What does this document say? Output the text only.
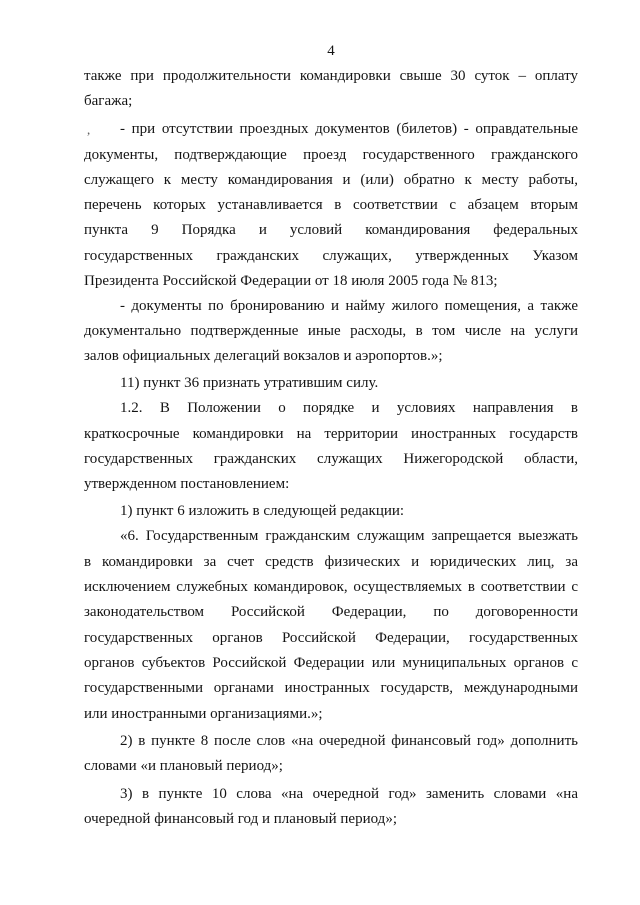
4
,
также при продолжительности командировки свыше 30 суток – оплату
багажа;
- при отсутствии проездных документов (билетов) - оправдательные
документы, подтверждающие проезд государственного гражданского
служащего к месту командирования и (или) обратно к месту работы,
перечень которых устанавливается в соответствии с абзацем вторым
пункта 9 Порядка и условий командирования федеральных
государственных гражданских служащих, утвержденных Указом
Президента Российской Федерации от 18 июля 2005 года № 813;
- документы по бронированию и найму жилого помещения, а также
документально подтвержденные иные расходы, в том числе на услуги
залов официальных делегаций вокзалов и аэропортов.»;
11) пункт 36 признать утратившим силу.
1.2. В Положении о порядке и условиях направления в
краткосрочные командировки на территории иностранных государств
государственных гражданских служащих Нижегородской области,
утвержденном постановлением:
1) пункт 6 изложить в следующей редакции:
«6. Государственным гражданским служащим запрещается выезжать
в командировки за счет средств физических и юридических лиц, за
исключением служебных командировок, осуществляемых в соответствии с
законодательством Российской Федерации, по договоренности
государственных органов Российской Федерации, государственных
органов субъектов Российской Федерации или муниципальных органов с
государственными органами иностранных государств, международными
или иностранными организациями.»;
2) в пункте 8 после слов «на очередной финансовый год» дополнить
словами «и плановый период»;
3) в пункте 10 слова «на очередной год» заменить словами «на
очередной финансовый год и плановый период»;
